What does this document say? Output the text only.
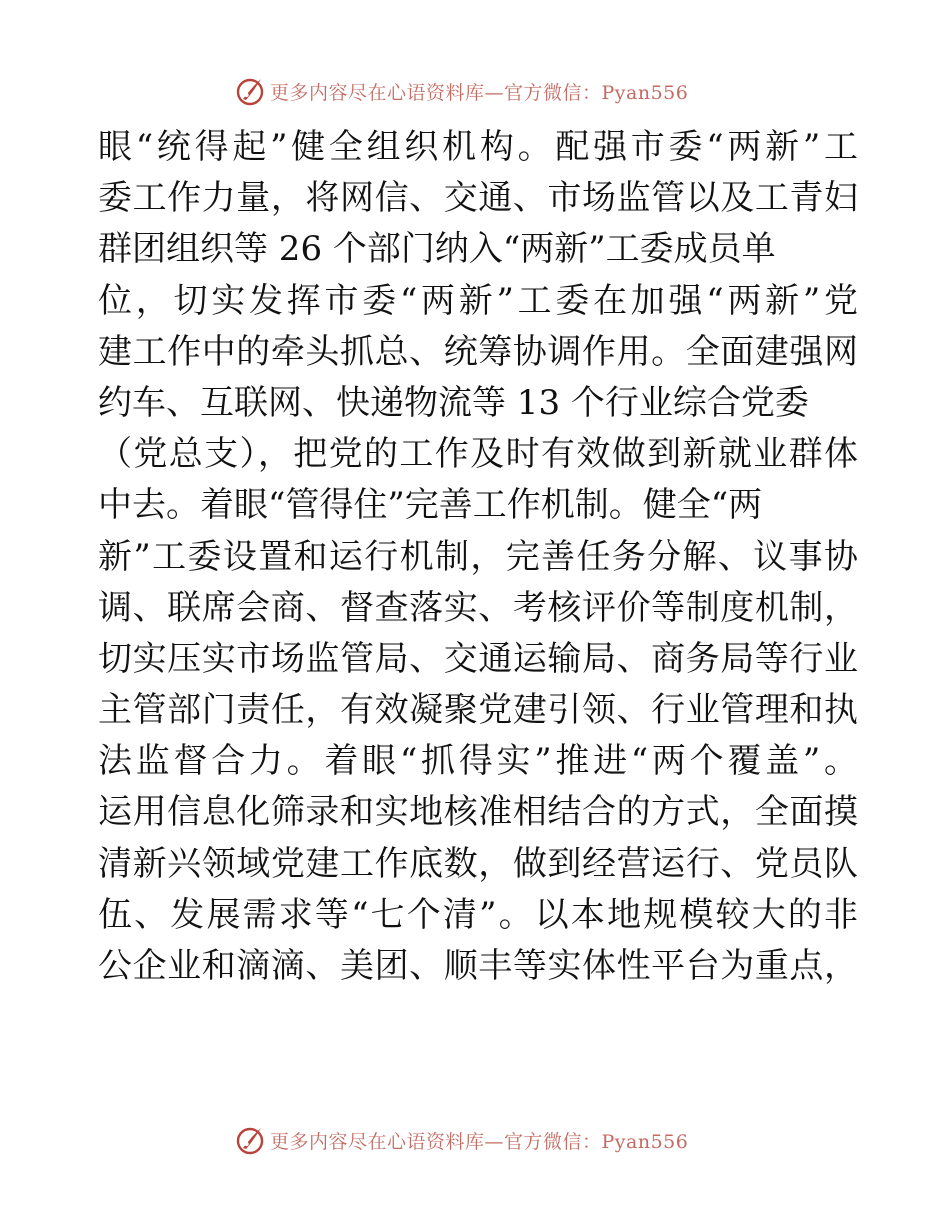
更多内容尽在心语资料库—官方微信：Pyan556
眼“统得起”健全组织机构。配强市委“两新”工
委工作力量，将网信、交通、市场监管以及工青妇
群团组织等 26 个部门纳入“两新”工委成员单
位，切实发挥市委“两新”工委在加强“两新”党
建工作中的牵头抓总、统筹协调作用。全面建强网
约车、互联网、快递物流等 13 个行业综合党委
（党总支），把党的工作及时有效做到新就业群体
中去。着眼“管得住”完善工作机制。健全“两
新”工委设置和运行机制，完善任务分解、议事协
调、联席会商、督查落实、考核评价等制度机制，
切实压实市场监管局、交通运输局、商务局等行业
主管部门责任，有效凝聚党建引领、行业管理和执
法监督合力。着眼“抓得实”推进“两个覆盖”。
运用信息化筛录和实地核准相结合的方式，全面摸
清新兴领域党建工作底数，做到经营运行、党员队
伍、发展需求等“七个清”。以本地规模较大的非
公企业和滴滴、美团、顺丰等实体性平台为重点，
更多内容尽在心语资料库—官方微信：Pyan556
